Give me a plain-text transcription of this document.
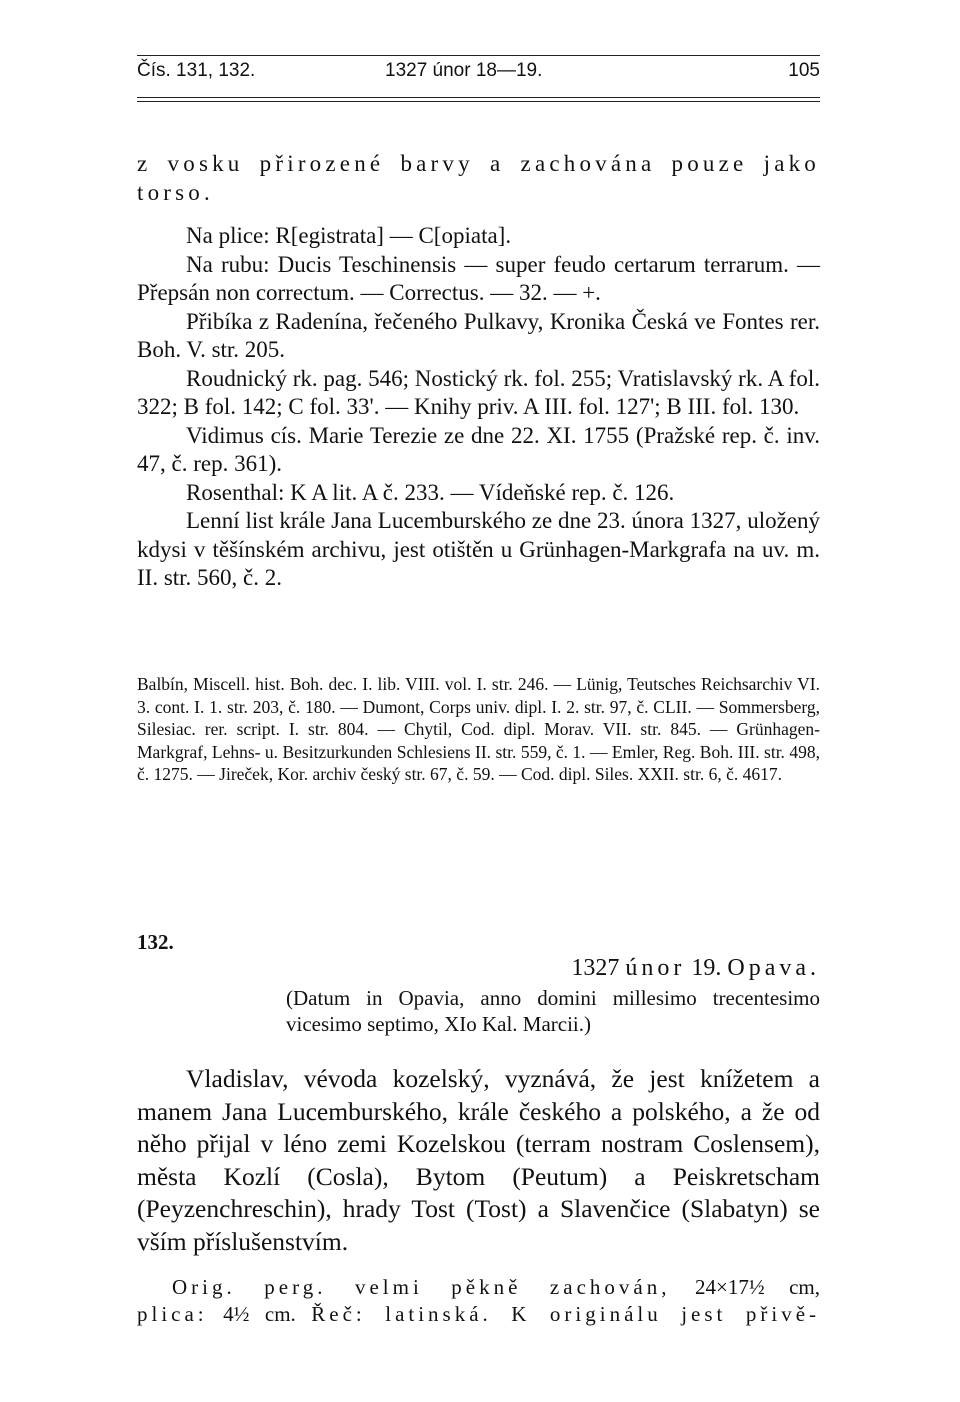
Čís. 131, 132.	1327 únor 18—19.	105
z vosku přirozené barvy a zachována pouze jako
torso.

Na plice: R[egistrata] — C[opiata].

Na rubu: Ducis Teschinensis — super feudo certarum terrarum. — Přepsán non correctum. — Correctus. — 32. — +.

Přibíka z Radenína, řečeného Pulkavy, Kronika Česká ve Fontes rer. Boh. V. str. 205.

Roudnický rk. pag. 546; Nostický rk. fol. 255; Vratislavský rk. A fol. 322; B fol. 142; C fol. 33'. — Knihy priv. A III. fol. 127'; B III. fol. 130.

Vidimus cís. Marie Terezie ze dne 22. XI. 1755 (Pražské rep. č. inv. 47, č. rep. 361).

Rosenthal: K A lit. A č. 233. — Vídeňské rep. č. 126.

Lenní list krále Jana Lucemburského ze dne 23. února 1327, uložený kdysi v těšínském archivu, jest otištěn u Grünhagen-Markgrafa na uv. m. II. str. 560, č. 2.

Balbín, Miscell. hist. Boh. dec. I. lib. VIII. vol. I. str. 246. — Lünig, Teutsches Reichsarchiv VI. 3. cont. I. 1. str. 203, č. 180. — Dumont, Corps univ. dipl. I. 2. str. 97, č. CLII. — Sommersberg, Silesiac. rer. script. I. str. 804. — Chytil, Cod. dipl. Morav. VII. str. 845. — Grünhagen-Markgraf, Lehns- u. Besitzurkunden Schlesiens II. str. 559, č. 1. — Emler, Reg. Boh. III. str. 498, č. 1275. — Jireček, Kor. archiv český str. 67, č. 59. — Cod. dipl. Siles. XXII. str. 6, č. 4617.
132.
1327 únor 19. Opava.
(Datum in Opavia, anno domini millesimo trecentesimo vicesimo septimo, XIo Kal. Marcii.)
Vladislav, vévoda kozelský, vyznává, že jest knížetem a manem Jana Lucemburského, krále českého a polského, a že od něho přijal v léno zemi Kozelskou (terram nostram Coslensem), města Kozlí (Cosla), Bytom (Peutum) a Peiskretscham (Peyzenchreschin), hrady Tost (Tost) a Slavenčice (Slabatyn) se vším příslušenstvím.
Orig. perg. velmi pěkně zachován, 24×17½ cm,
plica: 4½ cm. Řeč: latinská. K originálu jest přivě-
